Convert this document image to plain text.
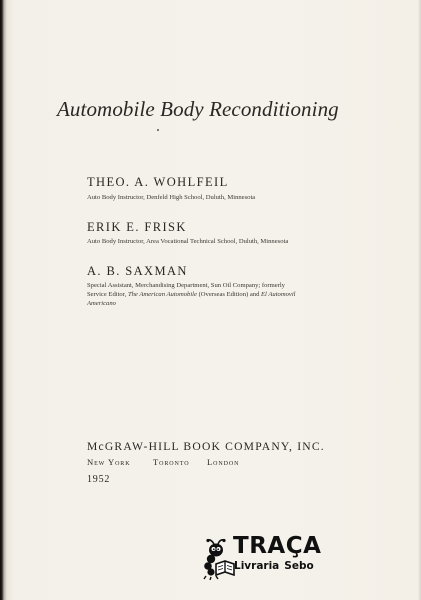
Automobile Body Reconditioning
THEO. A. WOHLFEIL
Auto Body Instructor, Denfeld High School, Duluth, Minnesota
ERIK E. FRISK
Auto Body Instructor, Area Vocational Technical School, Duluth, Minnesota
A. B. SAXMAN
Special Assistant, Merchandising Department, Sun Oil Company; formerly
Service Editor, The American Automobile (Overseas Edition) and El Automovil
Americano
McGRAW-HILL BOOK COMPANY, INC.
New York	Toronto London
1952
TRAÇA
Livraria Sebo
